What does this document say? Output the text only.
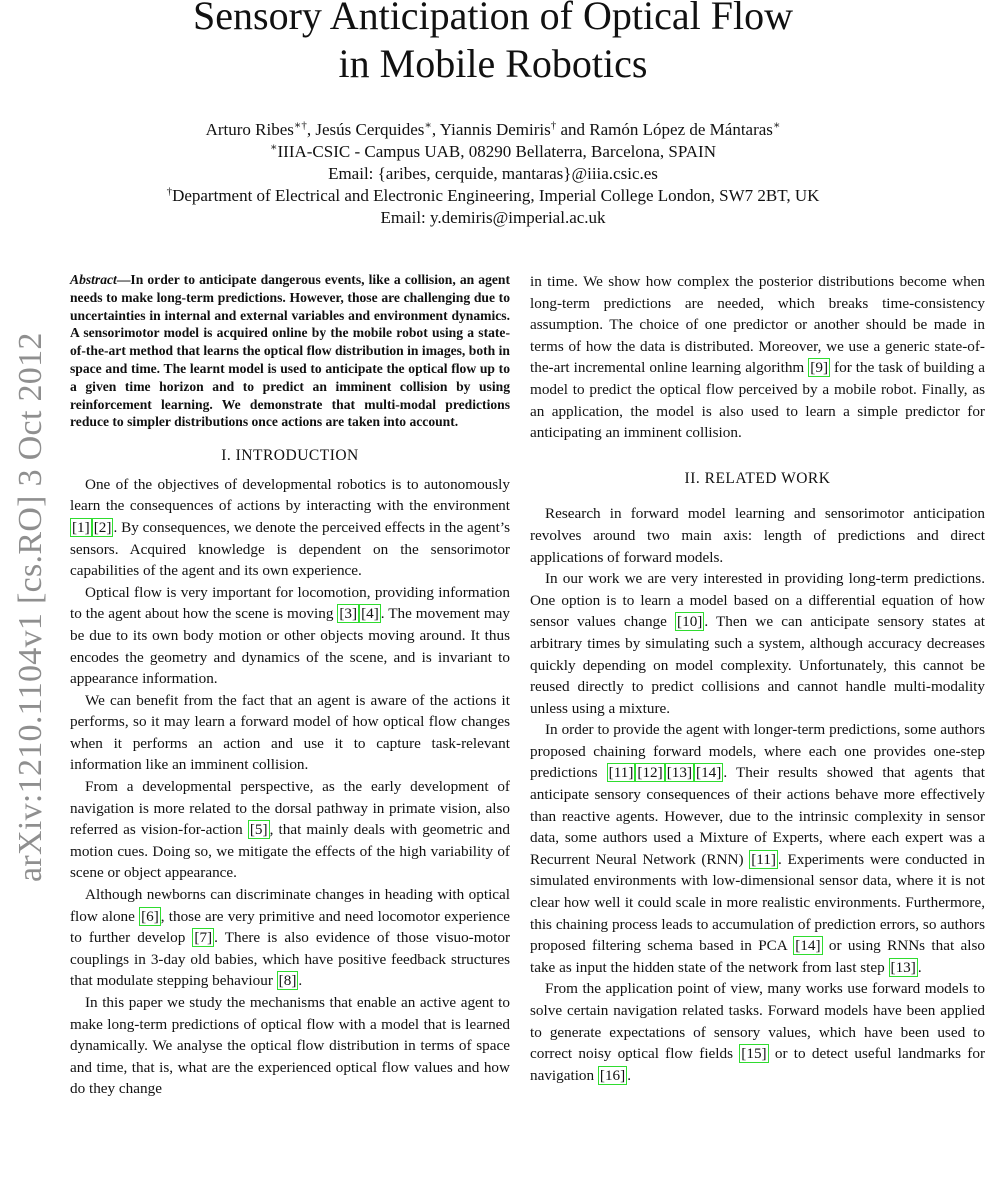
Sensory Anticipation of Optical Flow
in Mobile Robotics
Arturo Ribes∗†, Jesús Cerquides∗, Yiannis Demiris† and Ramón López de Mántaras∗
∗IIIA-CSIC - Campus UAB, 08290 Bellaterra, Barcelona, SPAIN
Email: {aribes, cerquide, mantaras}@iiia.csic.es
†Department of Electrical and Electronic Engineering, Imperial College London, SW7 2BT, UK
Email: y.demiris@imperial.ac.uk
arXiv:1210.1104v1 [cs.RO] 3 Oct 2012

Abstract—In order to anticipate dangerous events, like a collision, an agent needs to make long-term predictions. However, those are challenging due to uncertainties in internal and external variables and environment dynamics. A sensorimotor model is acquired online by the mobile robot using a state-of-the-art method that learns the optical flow distribution in images, both in space and time. The learnt model is used to anticipate the optical flow up to a given time horizon and to predict an imminent collision by using reinforcement learning. We demonstrate that multi-modal predictions reduce to simpler distributions once actions are taken into account.

I. INTRODUCTION

One of the objectives of developmental robotics is to autonomously learn the consequences of actions by interacting with the environment [1] [2] . By consequences, we denote the perceived effects in the agent’s sensors. Acquired knowledge is dependent on the sensorimotor capabilities of the agent and its own experience.

Optical flow is very important for locomotion, providing information to the agent about how the scene is moving [3] [4] . The movement may be due to its own body motion or other objects moving around. It thus encodes the geometry and dynamics of the scene, and is invariant to appearance information.

We can benefit from the fact that an agent is aware of the actions it performs, so it may learn a forward model of how optical flow changes when it performs an action and use it to capture task-relevant information like an imminent collision.

From a developmental perspective, as the early development of navigation is more related to the dorsal pathway in primate vision, also referred as vision-for-action [5] , that mainly deals with geometric and motion cues. Doing so, we mitigate the effects of the high variability of scene or object appearance.

Although newborns can discriminate changes in heading with optical flow alone [6] , those are very primitive and need locomotor experience to further develop [7] . There is also evidence of those visuo-motor couplings in 3-day old babies, which have positive feedback structures that modulate stepping behaviour [8] .

In this paper we study the mechanisms that enable an active agent to make long-term predictions of optical flow with a model that is learned dynamically. We analyse the optical flow distribution in terms of space and time, that is, what are the experienced optical flow values and how do they change

in time. We show how complex the posterior distributions become when long-term predictions are needed, which breaks time-consistency assumption. The choice of one predictor or another should be made in terms of how the data is distributed. Moreover, we use a generic state-of-the-art incremental online learning algorithm [9] for the task of building a model to predict the optical flow perceived by a mobile robot. Finally, as an application, the model is also used to learn a simple predictor for anticipating an imminent collision.

II. RELATED WORK

Research in forward model learning and sensorimotor anticipation revolves around two main axis: length of predictions and direct applications of forward models.

In our work we are very interested in providing long-term predictions. One option is to learn a model based on a differential equation of how sensor values change [10] . Then we can anticipate sensory states at arbitrary times by simulating such a system, although accuracy decreases quickly depending on model complexity. Unfortunately, this cannot be reused directly to predict collisions and cannot handle multi-modality unless using a mixture.

In order to provide the agent with longer-term predictions, some authors proposed chaining forward models, where each one provides one-step predictions [11] [12] [13] [14] . Their results showed that agents that anticipate sensory consequences of their actions behave more effectively than reactive agents. However, due to the intrinsic complexity in sensor data, some authors used a Mixture of Experts, where each expert was a Recurrent Neural Network (RNN) [11] . Experiments were conducted in simulated environments with low-dimensional sensor data, where it is not clear how well it could scale in more realistic environments. Furthermore, this chaining process leads to accumulation of prediction errors, so authors proposed filtering schema based in PCA [14] or using RNNs that also take as input the hidden state of the network from last step [13] .

From the application point of view, many works use forward models to solve certain navigation related tasks. Forward models have been applied to generate expectations of sensory values, which have been used to correct noisy optical flow fields [15] or to detect useful landmarks for navigation [16] .
